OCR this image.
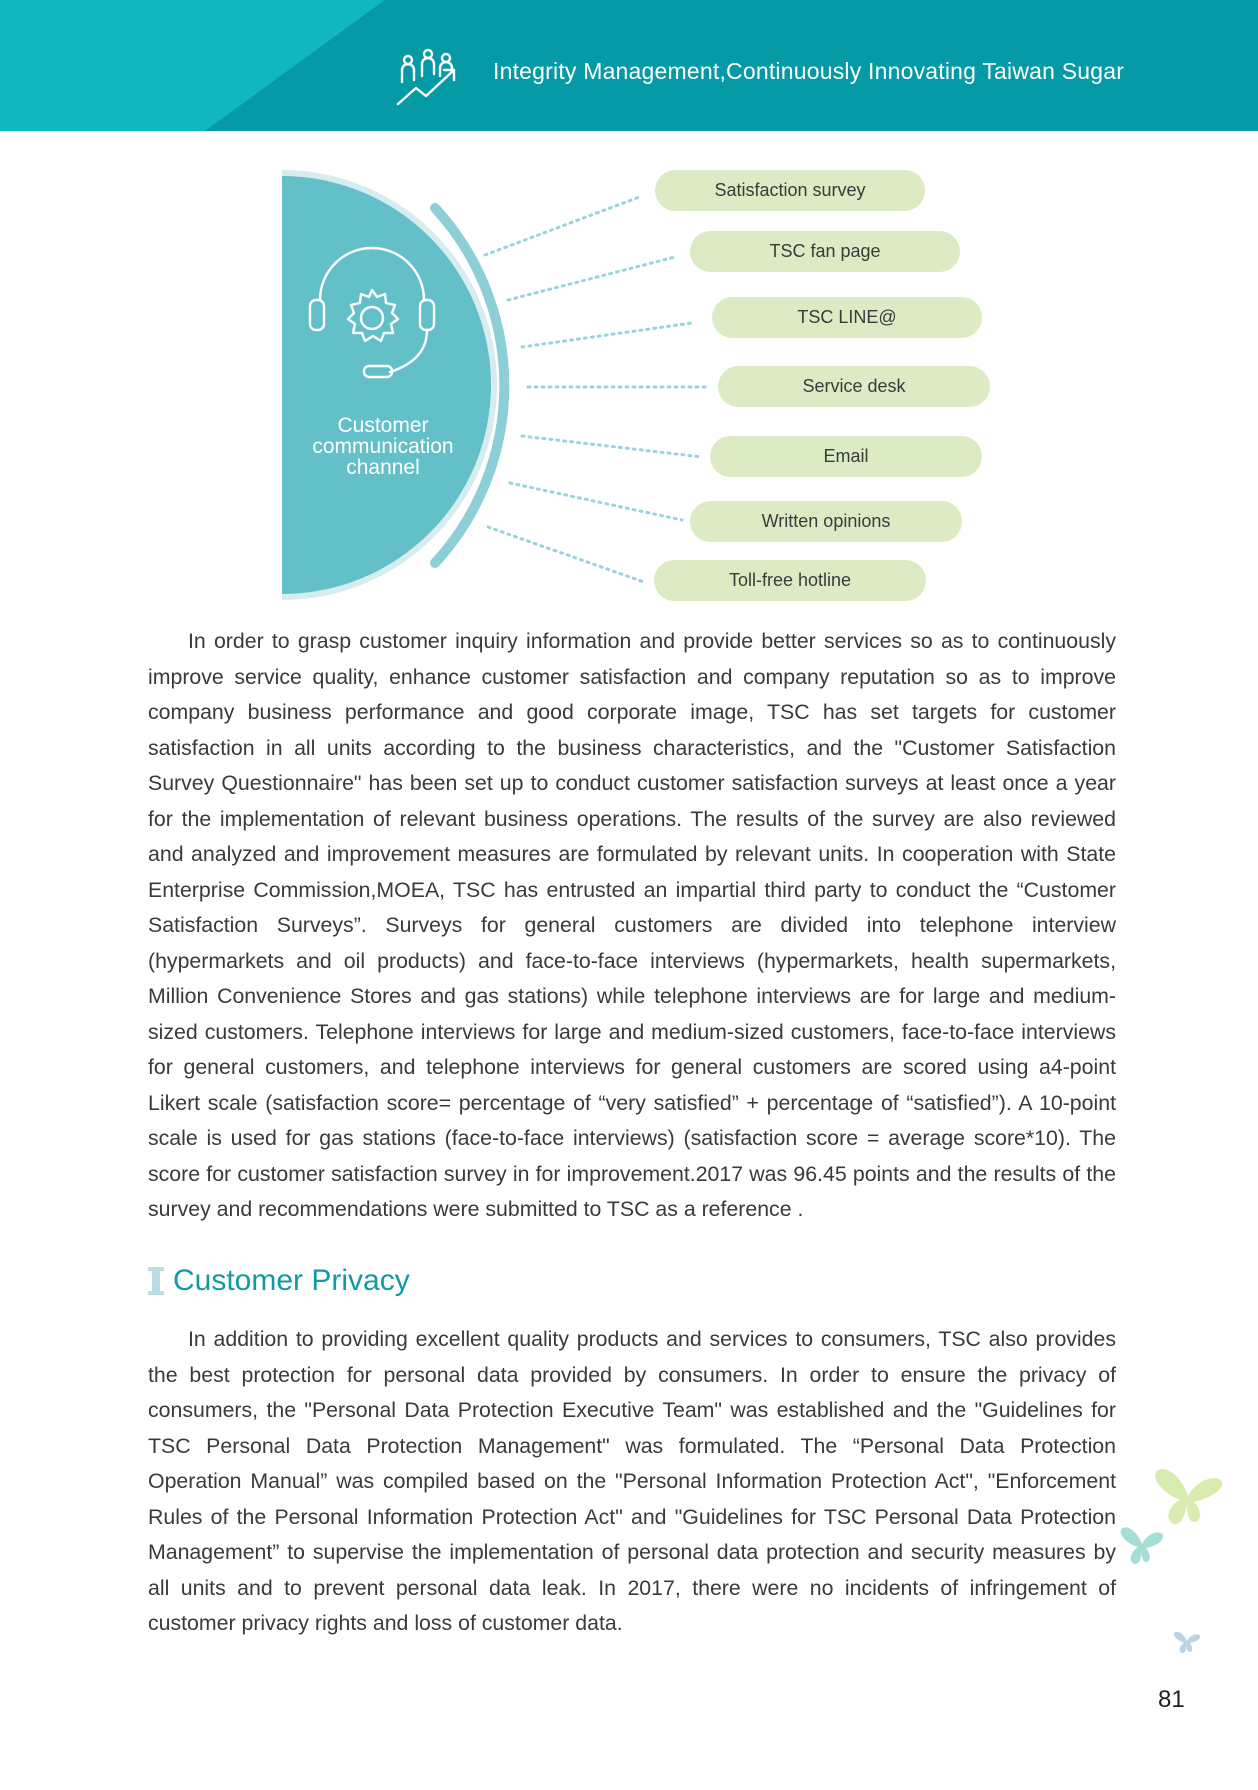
Integrity Management,Continuously Innovating Taiwan Sugar
Customer communication channel
Satisfaction survey
TSC fan page
TSC LINE@
Service desk
Email
Written opinions
Toll-free hotline

In order to grasp customer inquiry information and provide better services so as to continuously improve service quality, enhance customer satisfaction and company reputation so as to improve company business performance and good corporate image, TSC has set targets for customer satisfaction in all units according to the business characteristics, and the "Customer Satisfaction Survey Questionnaire" has been set up to conduct customer satisfaction surveys at least once a year for the implementation of relevant business operations. The results of the survey are also reviewed and analyzed and improvement measures are formulated by relevant units. In cooperation with State Enterprise Commission,MOEA, TSC has entrusted an impartial third party to conduct the “Customer Satisfaction Surveys”. Surveys for general customers are divided into telephone interview (hypermarkets and oil products) and face-to-face interviews (hypermarkets, health supermarkets, Million Convenience Stores and gas stations) while telephone interviews are for large and medium-sized customers. Telephone interviews for large and medium-sized customers, face-to-face interviews for general customers, and telephone interviews for general customers are scored using a4-point Likert scale (satisfaction score= percentage of “very satisfied” + percentage of “satisfied”). A 10-point scale is used for gas stations (face-to-face interviews) (satisfaction score = average score*10). The score for customer satisfaction survey in for improvement.2017 was 96.45 points and the results of the survey and recommendations were submitted to TSC as a reference .

Customer Privacy

In addition to providing excellent quality products and services to consumers, TSC also provides the best protection for personal data provided by consumers. In order to ensure the privacy of consumers, the "Personal Data Protection Executive Team" was established and the "Guidelines for TSC Personal Data Protection Management" was formulated. The “Personal Data Protection Operation Manual” was compiled based on the "Personal Information Protection Act", "Enforcement Rules of the Personal Information Protection Act" and "Guidelines for TSC Personal Data Protection Management” to supervise the implementation of personal data protection and security measures by all units and to prevent personal data leak. In 2017, there were no incidents of infringement of customer privacy rights and loss of customer data.

81
